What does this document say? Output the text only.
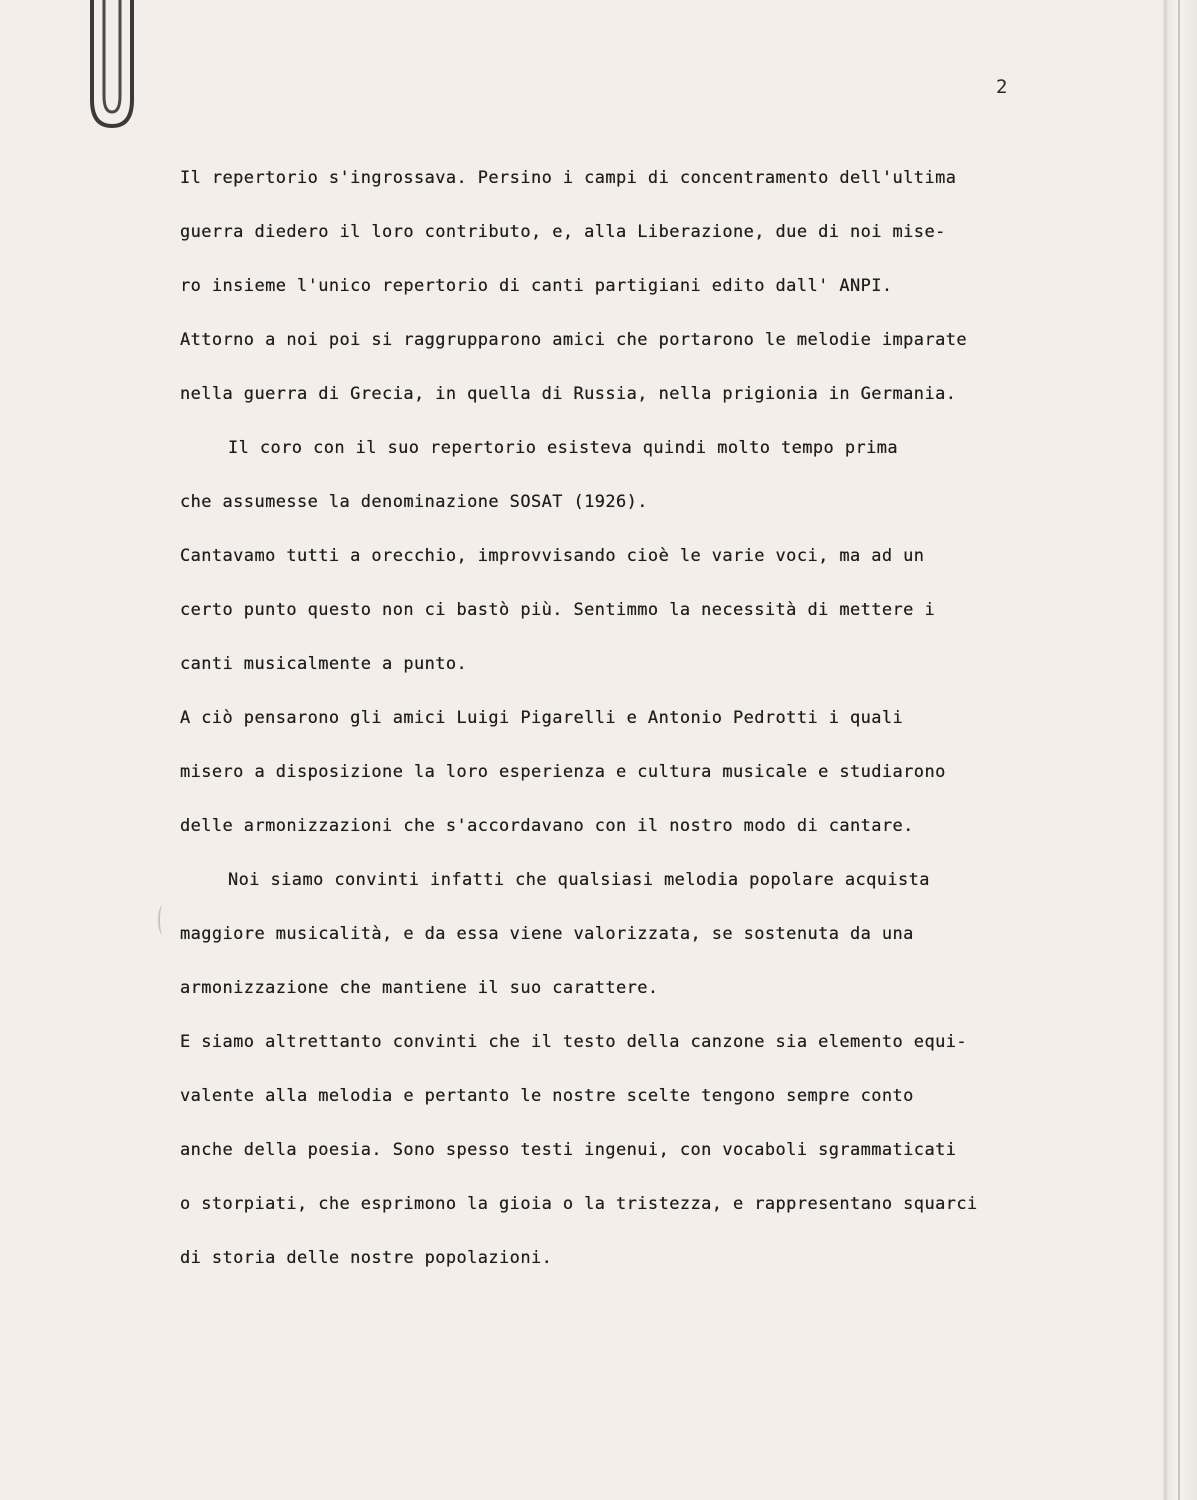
2
Il repertorio s'ingrossava. Persino i campi di concentramento dell'ultima
guerra diedero il loro contributo, e, alla Liberazione, due di noi mise-
ro insieme l'unico repertorio di canti partigiani edito dall' ANPI.
Attorno a noi poi si raggrupparono amici che portarono le melodie imparate
nella guerra di Grecia, in quella di Russia, nella prigionia in Germania.
Il coro con il suo repertorio esisteva quindi molto tempo prima
che assumesse la denominazione SOSAT (1926).
Cantavamo tutti a orecchio, improvvisando cioè le varie voci, ma ad un
certo punto questo non ci bastò più. Sentimmo la necessità di mettere i
canti musicalmente a punto.
A ciò pensarono gli amici Luigi Pigarelli e Antonio Pedrotti i quali
misero a disposizione la loro esperienza e cultura musicale e studiarono
delle armonizzazioni che s'accordavano con il nostro modo di cantare.
Noi siamo convinti infatti che qualsiasi melodia popolare acquista
maggiore musicalità, e da essa viene valorizzata, se sostenuta da una
armonizzazione che mantiene il suo carattere.
E siamo altrettanto convinti che il testo della canzone sia elemento equi-
valente alla melodia e pertanto le nostre scelte tengono sempre conto
anche della poesia. Sono spesso testi ingenui, con vocaboli sgrammaticati
o storpiati, che esprimono la gioia o la tristezza, e rappresentano squarci
di storia delle nostre popolazioni.
